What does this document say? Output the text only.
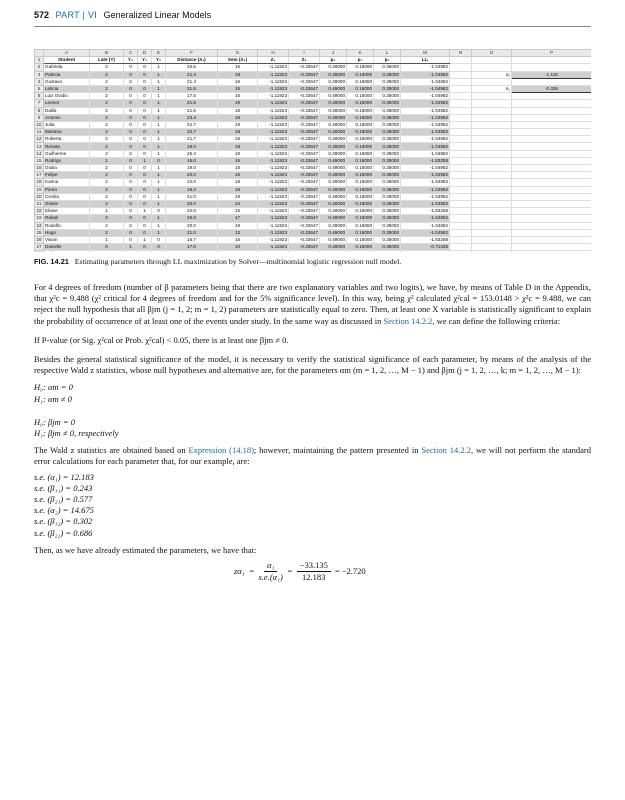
572 PART | VI Generalized Linear Models
	A	B	C	D	E	F	G	H	I	J	K	L	M	N	O	P
1	Student	Late (Y)	Y₀	Y₁	Y₂	Distance (X₁)	Sem (X₂)	Z₁	Z₂	p₀	p₁	p₂	LLᵢ			
2	Gabriela	2	0	0	1	20.5	15	-1.11923	-0.33647	0.49000	0.16000	0.35000	-1.04982			
3	Patricia	2	0	0	1	21.3	18	-1.11923	-0.33647	0.49000	0.16000	0.35000	-1.04982		α₁	-1.119
4	Gustavo	2	0	0	1	21.4	16	-1.11923	-0.33647	0.49000	0.16000	0.35000	-1.04982			
5	Leticia	2	0	0	1	31.5	15	-1.11923	-0.33647	0.49000	0.16000	0.35000	-1.04982		α₂	-0.336
6	Luiz Ovidio	2	0	0	1	17.5	16	-1.11923	-0.33647	0.49000	0.16000	0.35000	-1.04982			
7	Leonor	2	0	0	1	21.5	18	-1.11923	-0.33647	0.49000	0.16000	0.35000	-1.04982			
8	Dalila	2	0	0	1	21.5	18	-1.11923	-0.33647	0.49000	0.16000	0.35000	-1.04982			
9	Antonio	2	0	0	1	23.4	18	-1.11923	-0.33647	0.49000	0.16000	0.35000	-1.04982			
10	Julia	2	0	0	1	22.7	18	-1.11923	-0.33647	0.49000	0.16000	0.35000	-1.04982			
11	Mariana	2	0	0	1	22.7	18	-1.11923	-0.33647	0.49000	0.16000	0.35000	-1.04982			
12	Roberta	2	0	0	1	21.7	18	-1.11923	-0.33647	0.49000	0.16000	0.35000	-1.04982			
13	Renata	2	0	0	1	19.0	18	-1.11923	-0.33647	0.49000	0.16000	0.35000	-1.04982			
14	Guilherme	2	0	0	1	25.4	18	-1.11923	-0.33647	0.49000	0.16000	0.35000	-1.04982			
15	Rodrigo	1	0	1	0	16.0	16	-1.11923	-0.33647	0.49000	0.16000	0.35000	-1.83258			
16	Giulia	2	0	0	1	19.0	18	-1.11923	-0.33647	0.49000	0.16000	0.35000	-1.04982			
17	Felipe	2	0	0	1	20.0	15	-1.11923	-0.33647	0.49000	0.16000	0.35000	-1.04982			
18	Karina	2	0	0	1	22.0	18	-1.11923	-0.33647	0.49000	0.16000	0.35000	-1.04982			
19	Pietro	2	0	0	1	18.2	18	-1.11923	-0.33647	0.49000	0.16000	0.35000	-1.04982			
20	Cecilia	2	0	0	1	21.0	18	-1.11923	-0.33647	0.49000	0.16000	0.35000	-1.04982			
21	Gisele	2	0	0	1	20.0	14	-1.11923	-0.33647	0.49000	0.16000	0.35000	-1.04982			
22	Elaine	1	0	1	0	22.0	15	-1.11923	-0.33647	0.49000	0.16000	0.35000	-1.83258			
23	Rafael	2	0	0	1	25.0	17	-1.11923	-0.33647	0.49000	0.16000	0.35000	-1.04982			
24	Rodolfo	2	0	0	1	20.0	18	-1.11923	-0.33647	0.49000	0.16000	0.35000	-1.04982			
25	Hugo	2	0	0	1	21.0	13	-1.11923	-0.33647	0.49000	0.16000	0.35000	-1.04982			
26	Vivian	1	0	1	0	16.7	16	-1.11923	-0.33647	0.49000	0.16000	0.35000	-1.83258			
27	Danielle	0	1	0	0	17.0	10	-1.11923	-0.33647	0.49000	0.16000	0.35000	-0.71335			

FIG. 14.21 Estimating parameters through LL maximization by Solver—multinomial logistic regression null model.

For 4 degrees of freedom (number of β parameters being that there are two explanatory variables and two logits), we have, by means of Table D in the Appendix, that χ²c = 9.488 (χ² critical for 4 degrees of freedom and for the 5% significance level). In this way, being χ² calculated χ²cal = 153.0148 > χ²c = 9.488, we can reject the null hypothesis that all βjm (j = 1, 2; m = 1, 2) parameters are statistically equal to zero. Then, at least one X variable is statistically significant to explain the probability of occurrence of at least one of the events under study. In the same way as discussed in Section 14.2.2, we can define the following criteria:

If P-value (or Sig. χ²cal or Prob. χ²cal) < 0.05, there is at least one βjm ≠ 0.

Besides the general statistical significance of the model, it is necessary to verify the statistical significance of each parameter, by means of the analysis of the respective Wald z statistics, whose null hypotheses and alternative are, for the parameters αm (m = 1, 2, …, M − 1) and βjm (j = 1, 2, …, k; m = 1, 2, …, M − 1):

H₀: αm = 0

H₁: αm ≠ 0

H₀: βjm = 0

H₁: βjm ≠ 0, respectively

The Wald z statistics are obtained based on Expression (14.18); however, maintaining the pattern presented in Section 14.2.2, we will not perform the standard error calculations for each parameter that, for our example, are:

s.e. (α₁) = 12.183

s.e. (β₁₁) = 0.243

s.e. (β₂₁) = 0.577

s.e. (α₂) = 14.675

s.e. (β₁₂) = 0.302

s.e. (β₂₂) = 0.686

Then, as we have already estimated the parameters, we have that:

$z\alpha_1 = \frac{\text{α₁}}{\text{s.e.(α₁)}} = \frac{-33.135}{12.183} = -2.720$
